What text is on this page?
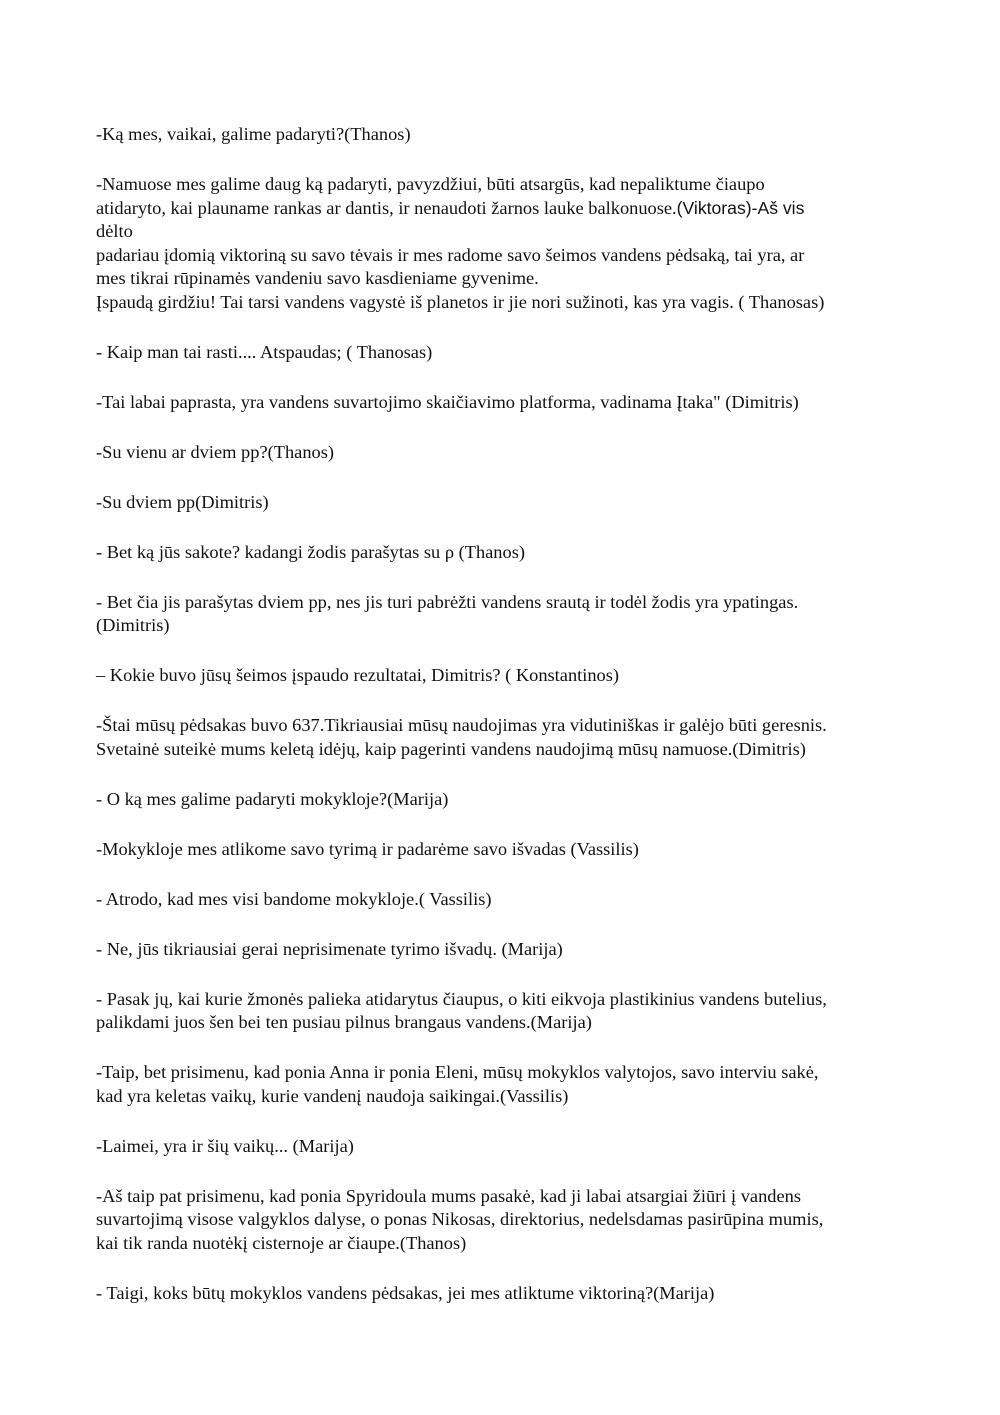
-Ką mes, vaikai, galime padaryti?(Thanos)

-Namuose mes galime daug ką padaryti, pavyzdžiui, būti atsargūs, kad nepaliktume čiaupo
atidaryto, kai plauname rankas ar dantis, ir nenaudoti žarnos lauke balkonuose.(Viktoras)-Aš vis
dėlto
padariau įdomią viktoriną su savo tėvais ir mes radome savo šeimos vandens pėdsaką, tai yra, ar
mes tikrai rūpinamės vandeniu savo kasdieniame gyvenime.
Įspaudą girdžiu! Tai tarsi vandens vagystė iš planetos ir jie nori sužinoti, kas yra vagis. ( Thanosas)

- Kaip man tai rasti.... Atspaudas; ( Thanosas)

-Tai labai paprasta, yra vandens suvartojimo skaičiavimo platforma, vadinama Įtaka" (Dimitris)

-Su vienu ar dviem pp?(Thanos)

-Su dviem pp(Dimitris)

- Bet ką jūs sakote? kadangi žodis parašytas su ρ (Thanos)

- Bet čia jis parašytas dviem pp, nes jis turi pabrėžti vandens srautą ir todėl žodis yra ypatingas.
(Dimitris)

– Kokie buvo jūsų šeimos įspaudo rezultatai, Dimitris? ( Konstantinos)

-Štai mūsų pėdsakas buvo 637.Tikriausiai mūsų naudojimas yra vidutiniškas ir galėjo būti geresnis.
Svetainė suteikė mums keletą idėjų, kaip pagerinti vandens naudojimą mūsų namuose.(Dimitris)

- O ką mes galime padaryti mokykloje?(Marija)

-Mokykloje mes atlikome savo tyrimą ir padarėme savo išvadas (Vassilis)

- Atrodo, kad mes visi bandome mokykloje.( Vassilis)

- Ne, jūs tikriausiai gerai neprisimenate tyrimo išvadų. (Marija)

- Pasak jų, kai kurie žmonės palieka atidarytus čiaupus, o kiti eikvoja plastikinius vandens butelius,
palikdami juos šen bei ten pusiau pilnus brangaus vandens.(Marija)

-Taip, bet prisimenu, kad ponia Anna ir ponia Eleni, mūsų mokyklos valytojos, savo interviu sakė,
kad yra keletas vaikų, kurie vandenį naudoja saikingai.(Vassilis)

-Laimei, yra ir šių vaikų... (Marija)

-Aš taip pat prisimenu, kad ponia Spyridoula mums pasakė, kad ji labai atsargiai žiūri į vandens
suvartojimą visose valgyklos dalyse, o ponas Nikosas, direktorius, nedelsdamas pasirūpina mumis,
kai tik randa nuotėkį cisternoje ar čiaupe.(Thanos)

- Taigi, koks būtų mokyklos vandens pėdsakas, jei mes atliktume viktoriną?(Marija)
